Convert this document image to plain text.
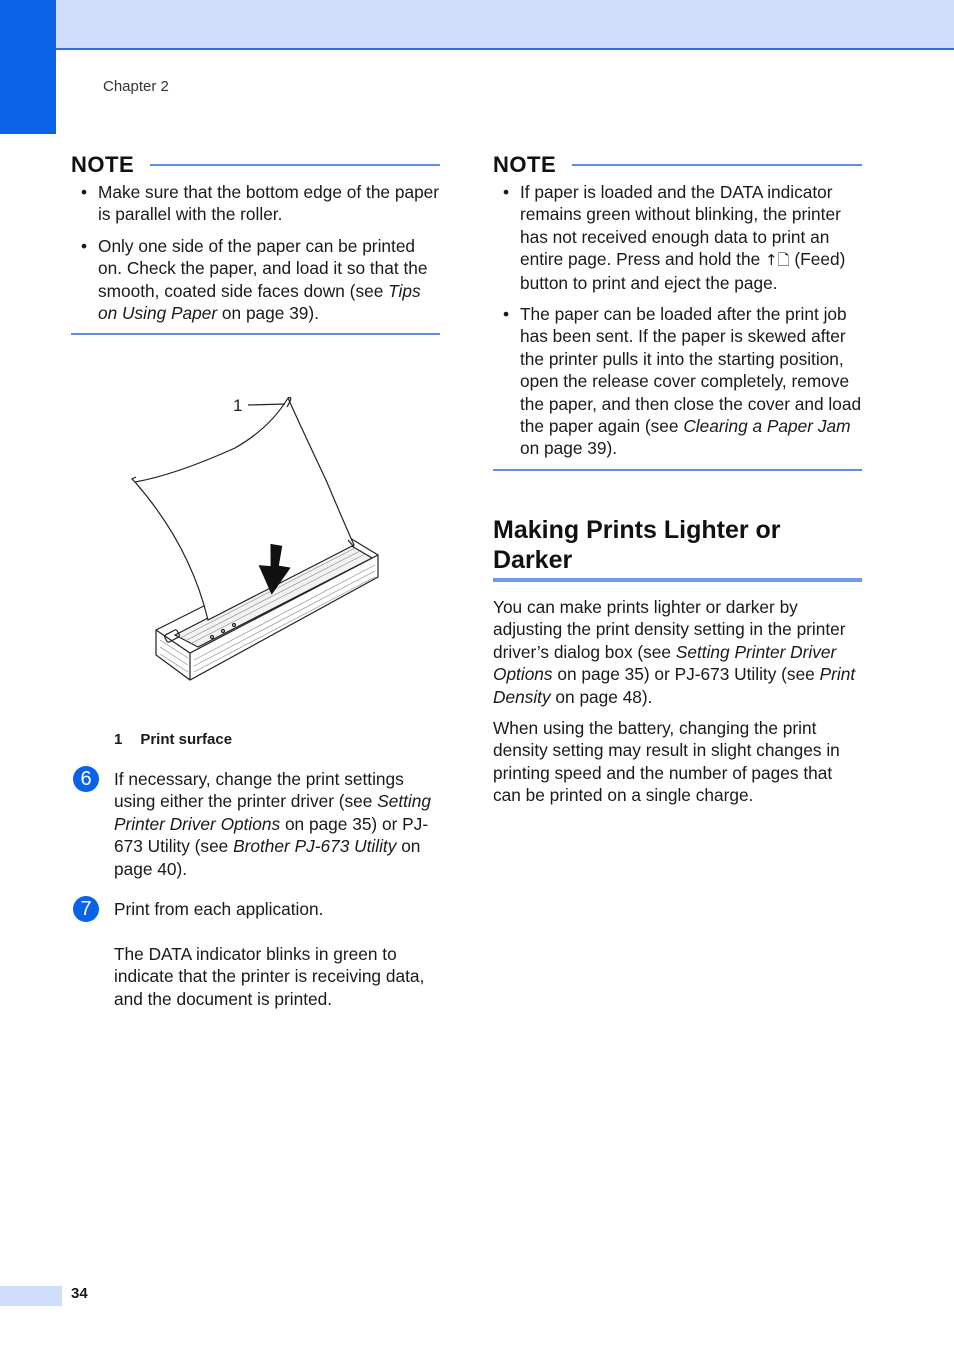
Chapter 2
NOTE
• Make sure that the bottom edge of the paper is parallel with the roller.
• Only one side of the paper can be printed on. Check the paper, and load it so that the smooth, coated side faces down (see Tips on Using Paper on page 39).
1
1 Print surface
6	If necessary, change the print settings using either the printer driver (see Setting Printer Driver Options on page 35) or PJ-673 Utility (see Brother PJ-673 Utility on page 40).
7	Print from each application.
The DATA indicator blinks in green to indicate that the printer is receiving data, and the document is printed.
NOTE
• If paper is loaded and the DATA indicator remains green without blinking, the printer has not received enough data to print an entire page. Press and hold the ↑🗋 (Feed) button to print and eject the page.
• The paper can be loaded after the print job has been sent. If the paper is skewed after the printer pulls it into the starting position, open the release cover completely, remove the paper, and then close the cover and load the paper again (see Clearing a Paper Jam on page 39).
Making Prints Lighter or Darker
You can make prints lighter or darker by adjusting the print density setting in the printer driver’s dialog box (see Setting Printer Driver Options on page 35) or PJ-673 Utility (see Print Density on page 48).
When using the battery, changing the print density setting may result in slight changes in printing speed and the number of pages that can be printed on a single charge.
34
